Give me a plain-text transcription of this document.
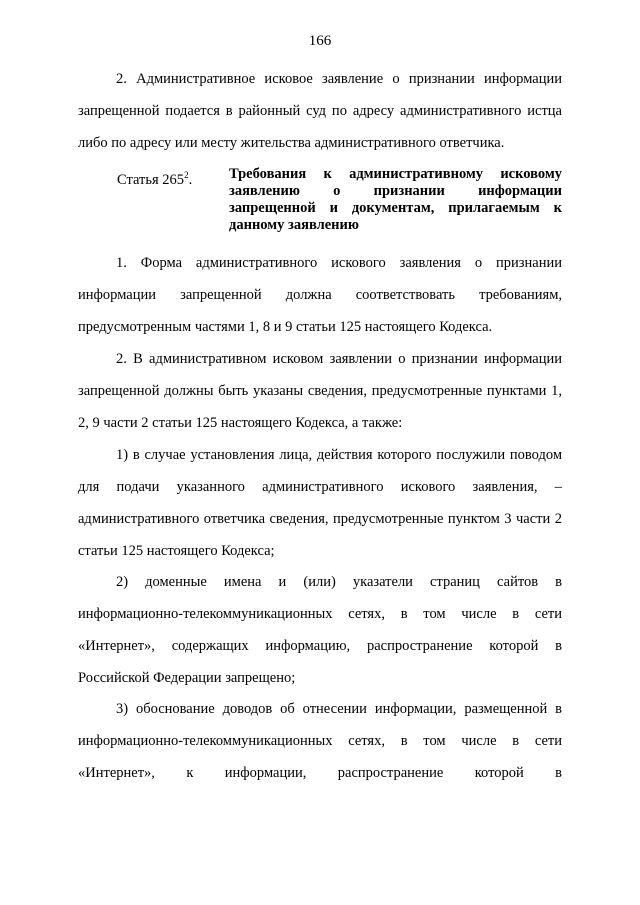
166

2. Административное исковое заявление о признании информации запрещенной подается в районный суд по адресу административного истца либо по адресу или месту жительства административного ответчика.

Статья $265^2$.	Требования к административному исковому заявлению о признании информации запрещенной и документам, прилагаемым к данному заявлению

1. Форма административного искового заявления о признании информации запрещенной должна соответствовать требованиям, предусмотренным частями 1, 8 и 9 статьи 125 настоящего Кодекса.

2. В административном исковом заявлении о признании информации запрещенной должны быть указаны сведения, предусмотренные пунктами 1, 2, 9 части 2 статьи 125 настоящего Кодекса, а также:

1) в случае установления лица, действия которого послужили поводом для подачи указанного административного искового заявления, – административного ответчика сведения, предусмотренные пунктом 3 части 2 статьи 125 настоящего Кодекса;

2) доменные имена и (или) указатели страниц сайтов в информационно-телекоммуникационных сетях, в том числе в сети «Интернет», содержащих информацию, распространение которой в Российской Федерации запрещено;

3) обоснование доводов об отнесении информации, размещенной в информационно-телекоммуникационных сетях, в том числе в сети «Интернет», к информации, распространение которой в
